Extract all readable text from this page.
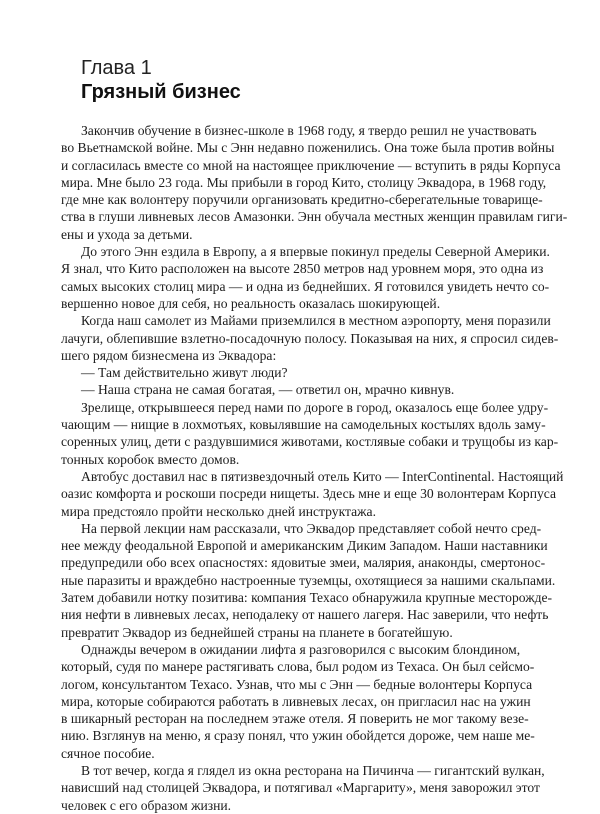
Глава 1
Грязный бизнес
Закончив обучение в бизнес-школе в 1968 году, я твердо решил не участвовать
во Вьетнамской войне. Мы с Энн недавно поженились. Она тоже была против войны
и согласилась вместе со мной на настоящее приключение — вступить в ряды Корпуса
мира. Мне было 23 года. Мы прибыли в город Кито, столицу Эквадора, в 1968 году,
где мне как волонтеру поручили организовать кредитно-сберегательные товарище-
ства в глуши ливневых лесов Амазонки. Энн обучала местных женщин правилам гиги-
ены и ухода за детьми.
До этого Энн ездила в Европу, а я впервые покинул пределы Северной Америки.
Я знал, что Кито расположен на высоте 2850 метров над уровнем моря, это одна из
самых высоких столиц мира — и одна из беднейших. Я готовился увидеть нечто со-
вершенно новое для себя, но реальность оказалась шокирующей.
Когда наш самолет из Майами приземлился в местном аэропорту, меня поразили
лачуги, облепившие взлетно-посадочную полосу. Показывая на них, я спросил сидев-
шего рядом бизнесмена из Эквадора:
— Там действительно живут люди?
— Наша страна не самая богатая, — ответил он, мрачно кивнув.
Зрелище, открывшееся перед нами по дороге в город, оказалось еще более удру-
чающим — нищие в лохмотьях, ковылявшие на самодельных костылях вдоль заму-
соренных улиц, дети с раздувшимися животами, костлявые собаки и трущобы из кар-
тонных коробок вместо домов.
Автобус доставил нас в пятизвездочный отель Кито — InterContinental. Настоящий
оазис комфорта и роскоши посреди нищеты. Здесь мне и еще 30 волонтерам Корпуса
мира предстояло пройти несколько дней инструктажа.
На первой лекции нам рассказали, что Эквадор представляет собой нечто сред-
нее между феодальной Европой и американским Диким Западом. Наши наставники
предупредили обо всех опасностях: ядовитые змеи, малярия, анаконды, смертонос-
ные паразиты и враждебно настроенные туземцы, охотящиеся за нашими скальпами.
Затем добавили нотку позитива: компания Texaco обнаружила крупные месторожде-
ния нефти в ливневых лесах, неподалеку от нашего лагеря. Нас заверили, что нефть
превратит Эквадор из беднейшей страны на планете в богатейшую.
Однажды вечером в ожидании лифта я разговорился с высоким блондином,
который, судя по манере растягивать слова, был родом из Техаса. Он был сейсмо-
логом, консультантом Texaco. Узнав, что мы с Энн — бедные волонтеры Корпуса
мира, которые собираются работать в ливневых лесах, он пригласил нас на ужин
в шикарный ресторан на последнем этаже отеля. Я поверить не мог такому везе-
нию. Взглянув на меню, я сразу понял, что ужин обойдется дороже, чем наше ме-
сячное пособие.
В тот вечер, когда я глядел из окна ресторана на Пичинча — гигантский вулкан,
нависший над столицей Эквадора, и потягивал «Маргариту», меня заворожил этот
человек с его образом жизни.
